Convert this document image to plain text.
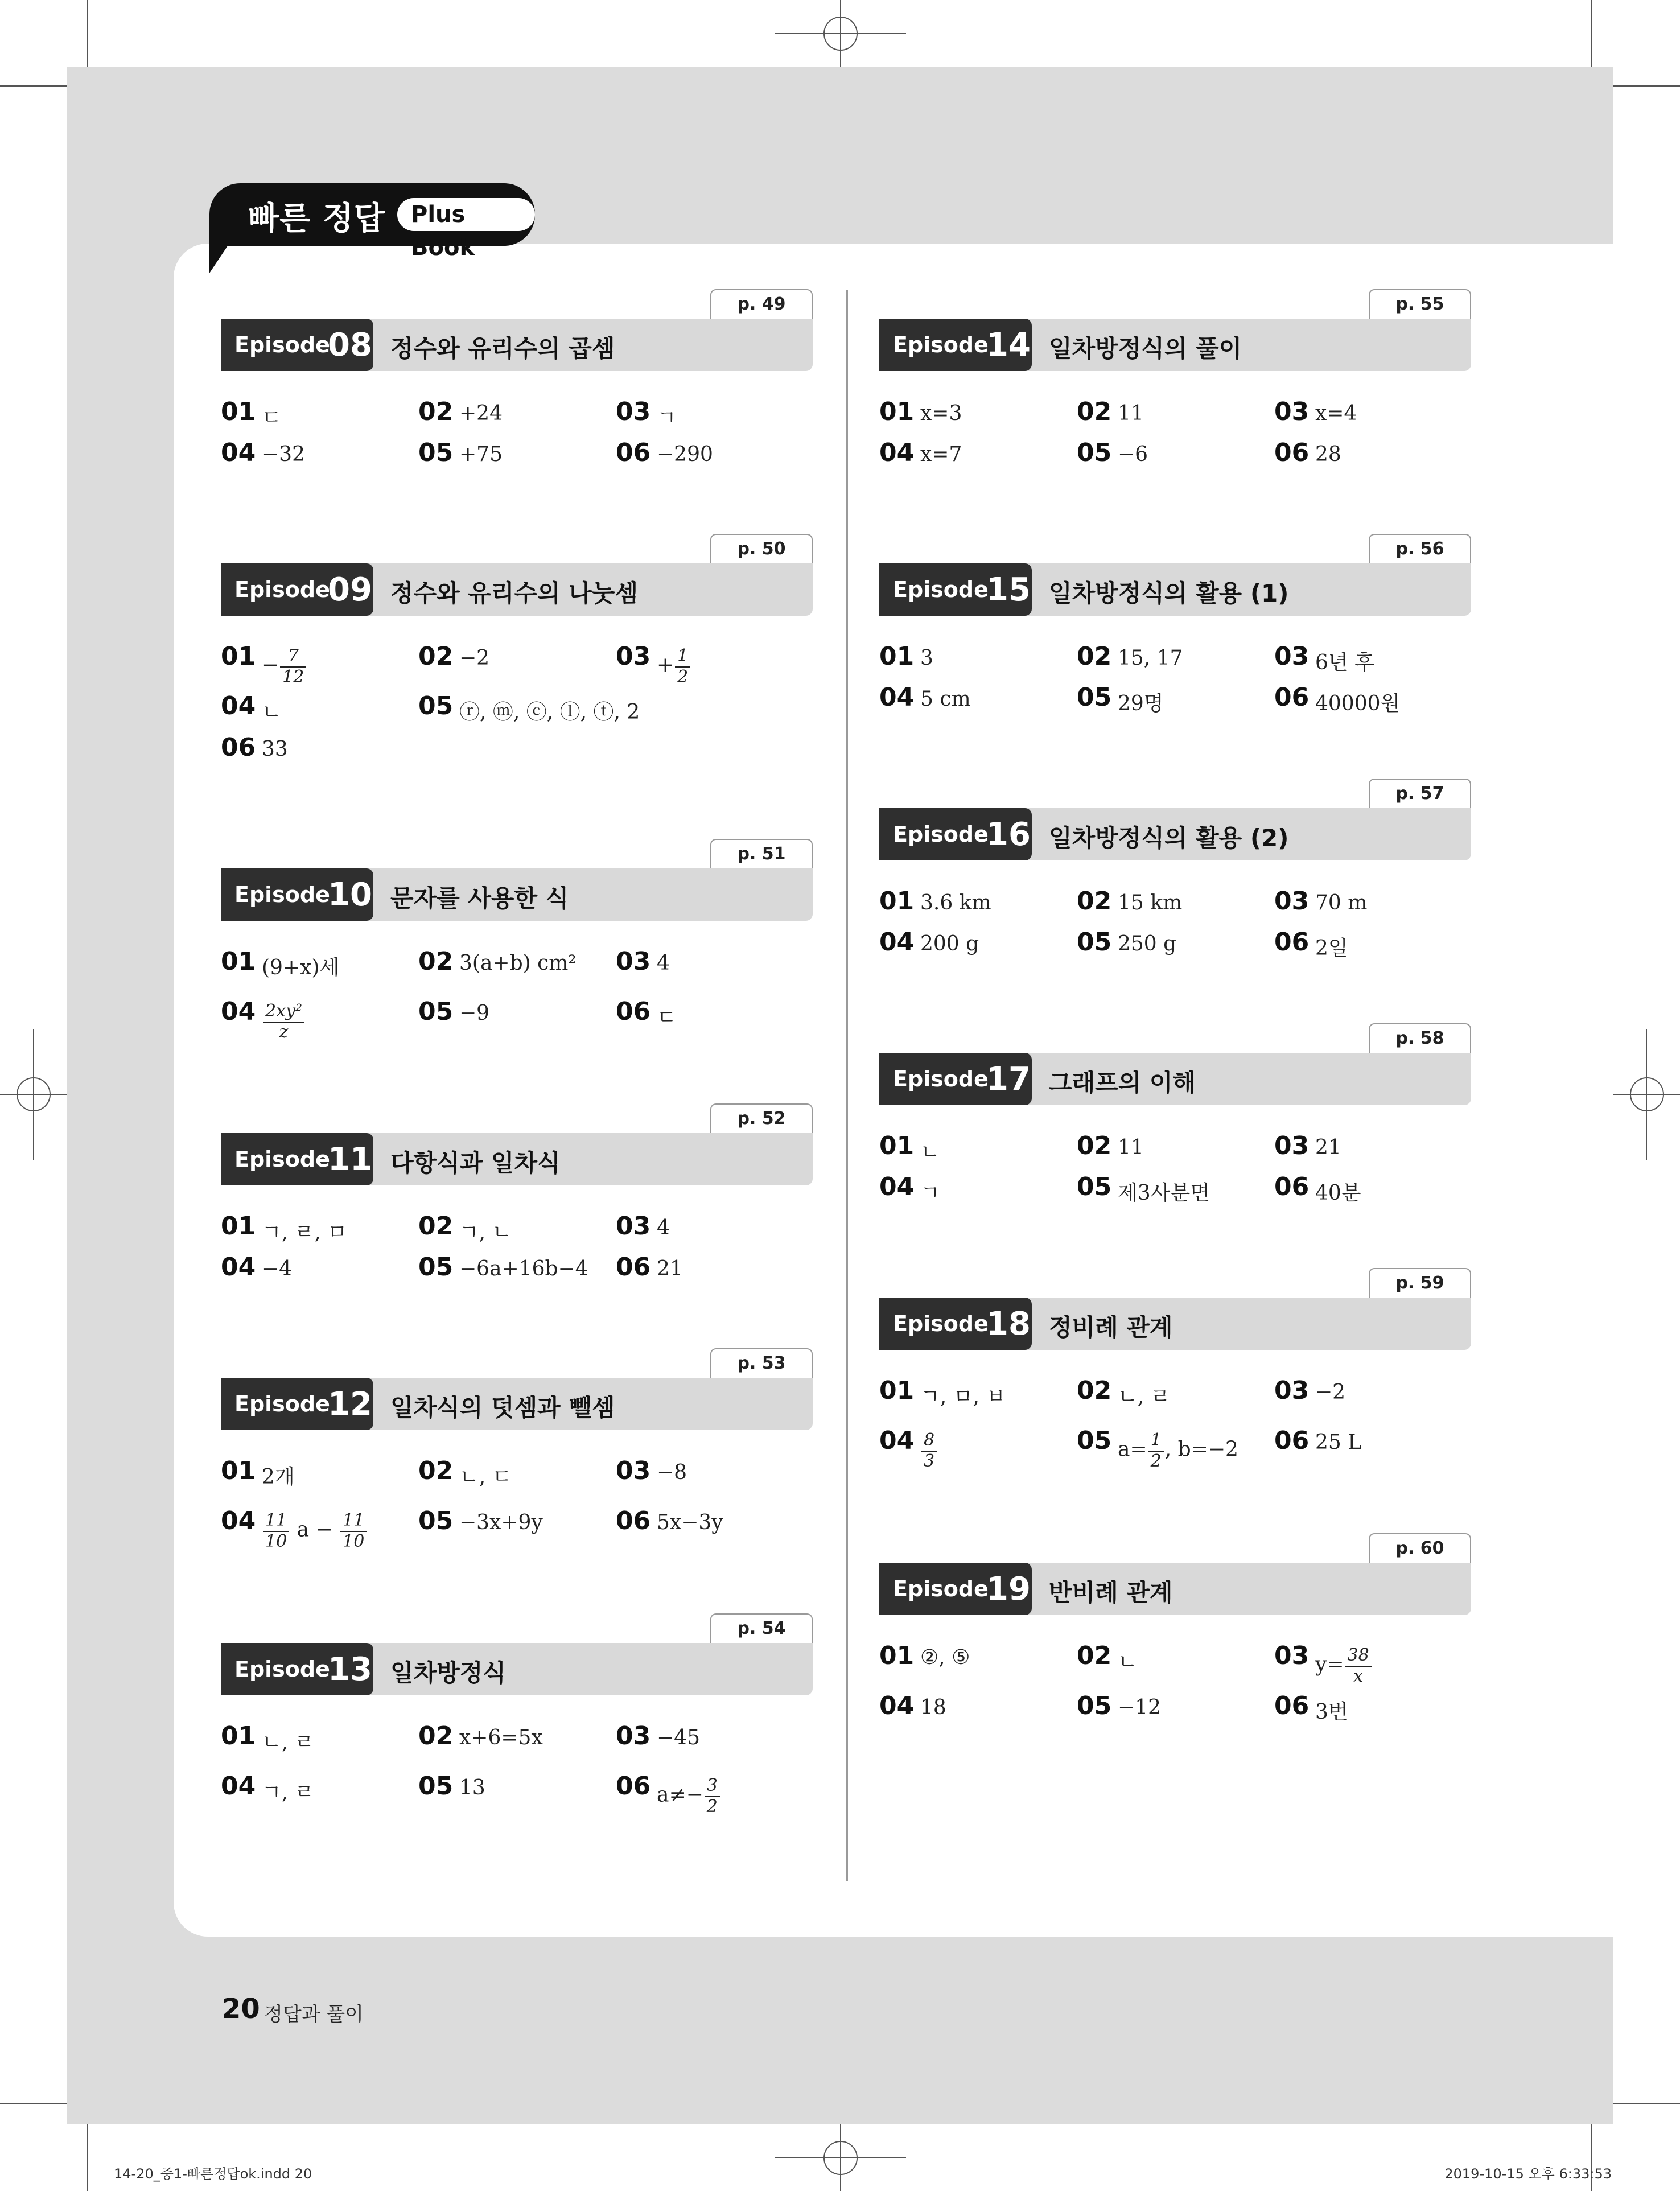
빠른 정답	Plus Book
p. 49
Episode
08 정수와 유리수의 곱셈
01 ㄷ	02 +24	03 ㄱ
04 −32	05 +75	06 −290
p. 50
Episode
09 정수와 유리수의 나눗셈
$01 - \frac{7}{12}$	02 −2	$03 + \frac{1}{2}$
04 ㄴ	05 ⓡ, ⓜ, ⓒ, ⓛ, ⓣ, 2
06 33
p. 51
Episode
10 문자를 사용한 식
01 (9+x)세	02 3(a+b) cm² 03 4
$04 \frac{\text{2xy²}}{z}$	05 −9	06 ㄷ
p. 52
Episode
11 다항식과 일차식
01 ㄱ, ㄹ, ㅁ	02 ㄱ, ㄴ	03 4
04 −4	05 −6a+16b−4 06 21
p. 53
Episode
12 일차식의 덧셈과 뺄셈
01 2개	02 ㄴ, ㄷ	03 −8
$04 \frac{11}{10}$ $a - \frac{11}{10} 05 -3x+9y$	06 5x−3y
p. 54
Episode
13 일차방정식
01 ㄴ, ㄹ	02 x+6=5x	03 −45
04 ㄱ, ㄹ	05 13	06 $a\ne- \frac{3}{2}$
p. 55
Episode
14 일차방정식의 풀이
01 x=3	02 11	03 x=4
04 x=7	05 −6	06 28
p. 56
Episode
15 일차방정식의 활용 (1)
01 3	02 15, 17	03 6년 후
04 5 cm	05 29명	06 40000원
p. 57
Episode
16 일차방정식의 활용 (2)
01 3.6 km	02 15 km	03 70 m
04 200 g	05 250 g	06 2일
p. 58
Episode
17 그래프의 이해
01 ㄴ	02 11	03 21
04 ㄱ	05 제3사분면	06 40분
p. 59
Episode
18 정비례 관계
01 ㄱ, ㅁ, ㅂ	02 ㄴ, ㄹ	03 −2
$04 \frac{8}{3}$	05 $a= \frac{1}{2}$ , b=−2 06 25 L
p. 60
Episode
19 반비례 관계
01 ②, ⑤	02 ㄴ	03 $y= \frac{38}{x}$
04 18	05 −12	06 3번
20 정답과 풀이
14-20_중1-빠른정답ok.indd 20	2019-10-15 오후 6:33:53
